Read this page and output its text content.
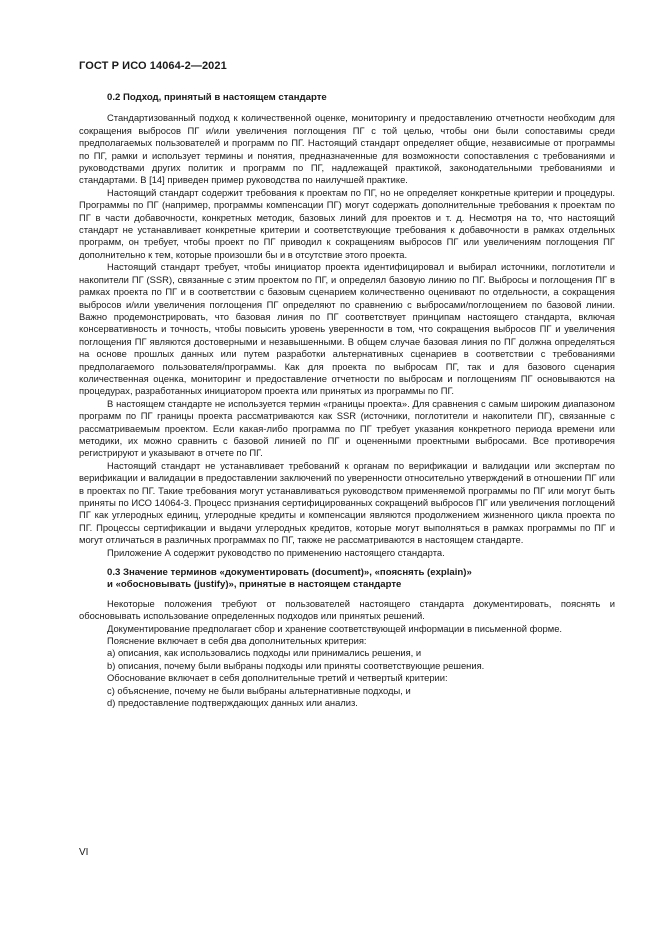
ГОСТ Р ИСО 14064-2—2021
0.2 Подход, принятый в настоящем стандарте

Стандартизованный подход к количественной оценке, мониторингу и предоставлению отчетности необходим для сокращения выбросов ПГ и/или увеличения поглощения ПГ с той целью, чтобы они были сопоставимы среди предполагаемых пользователей и программ по ПГ. Настоящий стандарт определяет общие, независимые от программы по ПГ, рамки и использует термины и понятия, предназначенные для возможности сопоставления с требованиями и руководствами других политик и программ по ПГ, надлежащей практикой, законодательными требованиями и стандартами. В [14] приведен пример руководства по наилучшей практике.

Настоящий стандарт содержит требования к проектам по ПГ, но не определяет конкретные критерии и процедуры. Программы по ПГ (например, программы компенсации ПГ) могут содержать дополнительные требования к проектам по ПГ в части добавочности, конкретных методик, базовых линий для проектов и т. д. Несмотря на то, что настоящий стандарт не устанавливает конкретные критерии и соответствующие требования к добавочности в рамках отдельных программ, он требует, чтобы проект по ПГ приводил к сокращениям выбросов ПГ или увеличениям поглощения ПГ дополнительно к тем, которые произошли бы и в отсутствие этого проекта.

Настоящий стандарт требует, чтобы инициатор проекта идентифицировал и выбирал источники, поглотители и накопители ПГ (SSR), связанные с этим проектом по ПГ, и определял базовую линию по ПГ. Выбросы и поглощения ПГ в рамках проекта по ПГ и в соответствии с базовым сценарием количественно оценивают по отдельности, а сокращения выбросов и/или увеличения поглощения ПГ определяют по сравнению с выбросами/поглощением по базовой линии. Важно продемонстрировать, что базовая линия по ПГ соответствует принципам настоящего стандарта, включая консервативность и точность, чтобы повысить уровень уверенности в том, что сокращения выбросов ПГ и увеличения поглощения ПГ являются достоверными и незавышенными. В общем случае базовая линия по ПГ должна определяться на основе прошлых данных или путем разработки альтернативных сценариев в соответствии с требованиями предполагаемого пользователя/программы. Как для проекта по выбросам ПГ, так и для базового сценария количественная оценка, мониторинг и предоставление отчетности по выбросам и поглощениям ПГ основываются на процедурах, разработанных инициатором проекта или принятых из программы по ПГ.

В настоящем стандарте не используется термин «границы проекта». Для сравнения с самым широким диапазоном программ по ПГ границы проекта рассматриваются как SSR (источники, поглотители и накопители ПГ), связанные с рассматриваемым проектом. Если какая-либо программа по ПГ требует указания конкретного периода времени или методики, их можно сравнить с базовой линией по ПГ и оцененными проектными выбросами. Все противоречия регистрируют и указывают в отчете по ПГ.

Настоящий стандарт не устанавливает требований к органам по верификации и валидации или экспертам по верификации и валидации в предоставлении заключений по уверенности относительно утверждений в отношении ПГ или в проектах по ПГ. Такие требования могут устанавливаться руководством применяемой программы по ПГ или могут быть приняты по ИСО 14064-3. Процесс признания сертифицированных сокращений выбросов ПГ или увеличения поглощений ПГ как углеродных единиц, углеродные кредиты и компенсации являются продолжением жизненного цикла проекта по ПГ. Процессы сертификации и выдачи углеродных кредитов, которые могут выполняться в рамках программы по ПГ и могут отличаться в различных программах по ПГ, также не рассматриваются в настоящем стандарте.

Приложение А содержит руководство по применению настоящего стандарта.

0.3 Значение терминов «документировать (document)», «пояснять (explain)»
и «обосновывать (justify)», принятые в настоящем стандарте

Некоторые положения требуют от пользователей настоящего стандарта документировать, пояснять и обосновывать использование определенных подходов или принятых решений.

Документирование предполагает сбор и хранение соответствующей информации в письменной форме.

Пояснение включает в себя два дополнительных критерия:

a) описания, как использовались подходы или принимались решения, и

b) описания, почему были выбраны подходы или приняты соответствующие решения.

Обоснование включает в себя дополнительные третий и четвертый критерии:

c) объяснение, почему не были выбраны альтернативные подходы, и

d) предоставление подтверждающих данных или анализ.

VI
